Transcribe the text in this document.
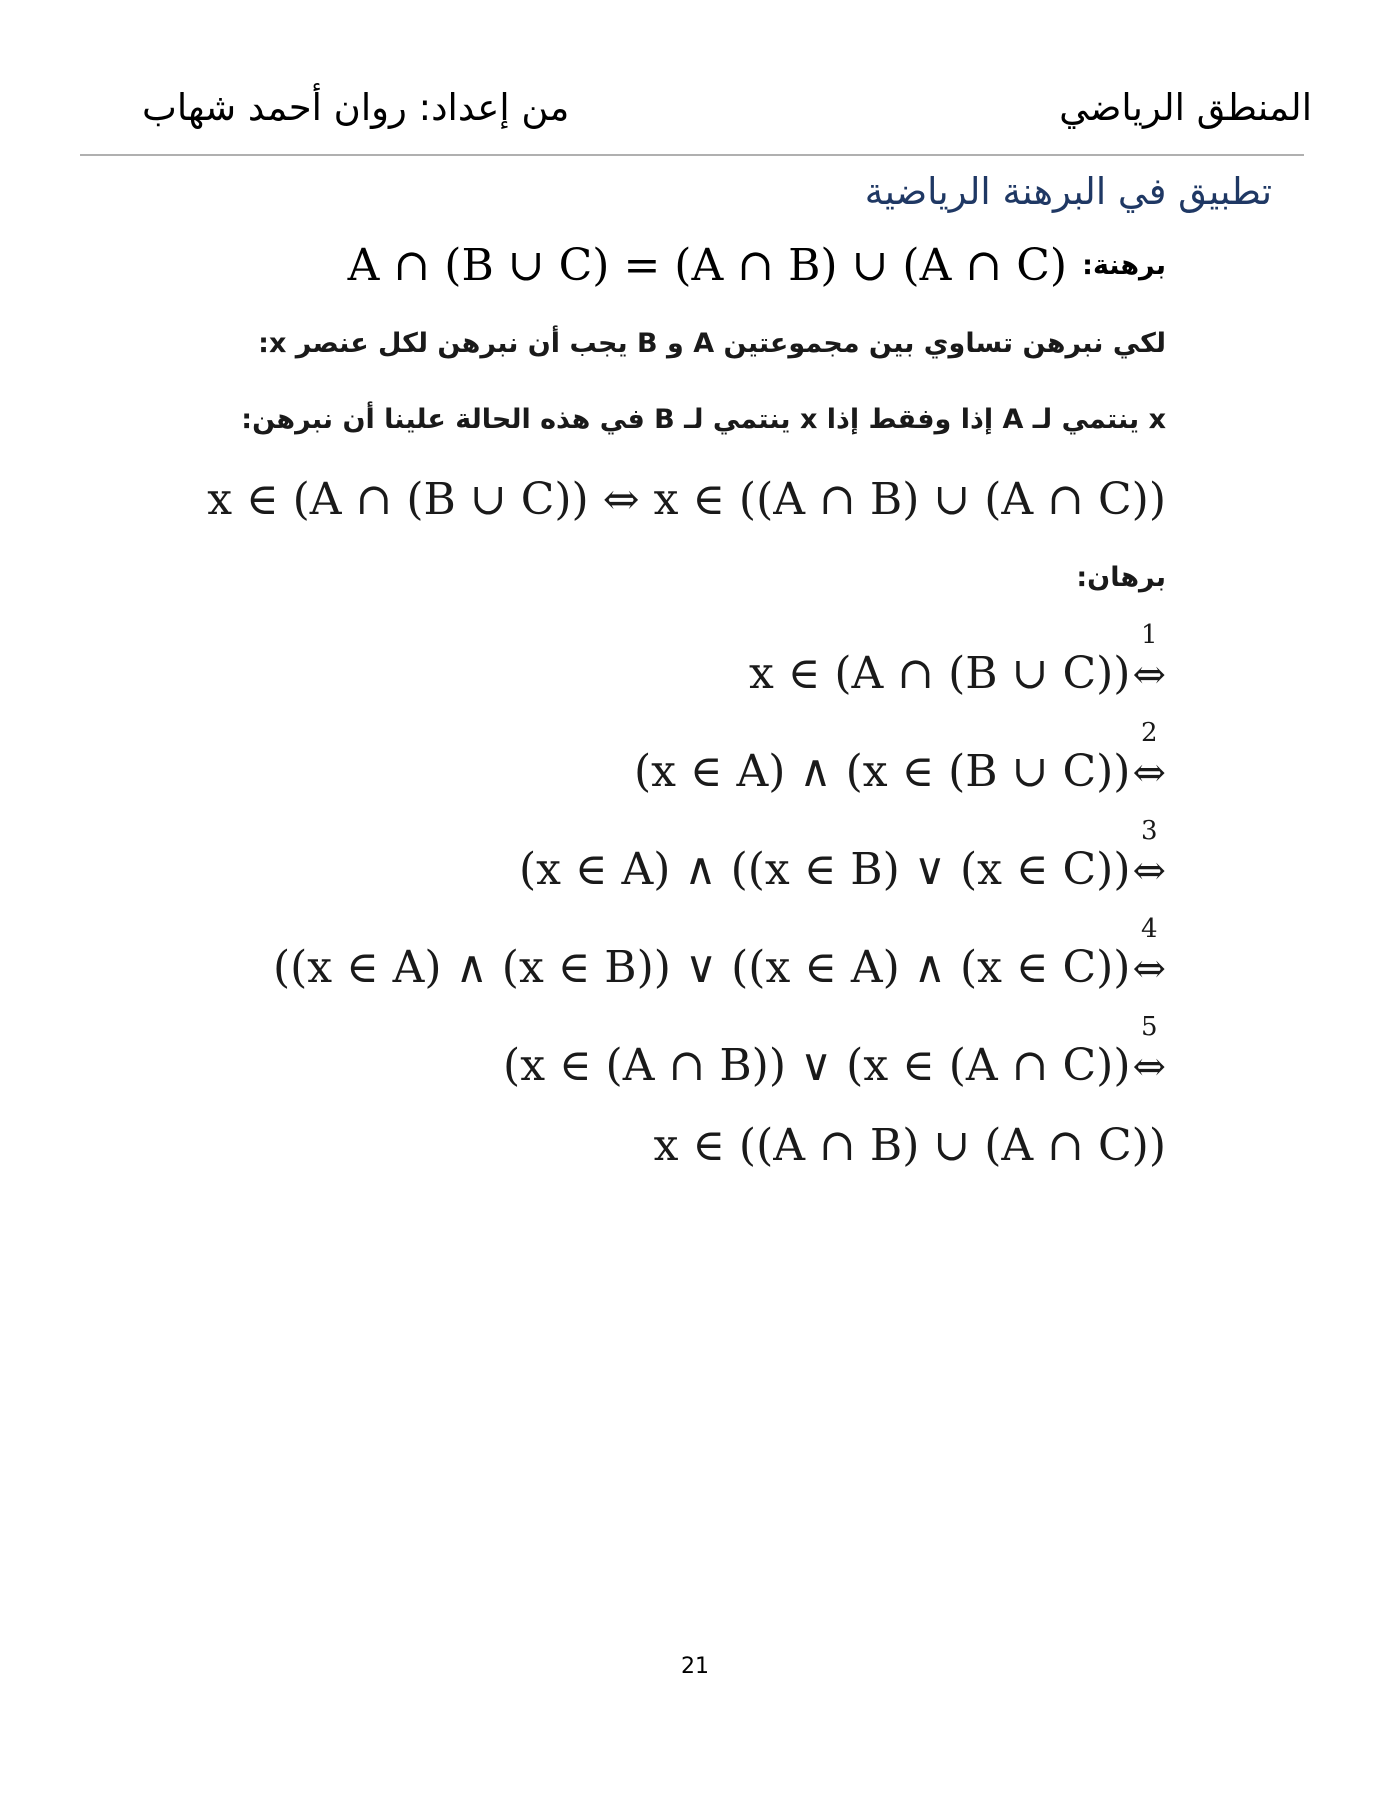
المنطق الرياضي
من إعداد: روان أحمد شهاب
تطبيق في البرهنة الرياضية
برهنة: A ∩ (B ∪ C) = (A ∩ B) ∪ (A ∩ C)
لكي نبرهن تساوي بين مجموعتين A و B يجب أن نبرهن لكل عنصر x:
x ينتمي لـ A إذا وفقط إذا x ينتمي لـ B في هذه الحالة علينا أن نبرهن:
x ∈ (A ∩ (B ∪ C)) ⇔ x ∈ ((A ∩ B) ∪ (A ∩ C))
برهان:
x ∈ (A ∩ (B ∪ C))⇔
1
(x ∈ A) ∧ (x ∈ (B ∪ C))⇔
2
(x ∈ A) ∧ ((x ∈ B) ∨ (x ∈ C))⇔
3
((x ∈ A) ∧ (x ∈ B)) ∨ ((x ∈ A) ∧ (x ∈ C))⇔
4
(x ∈ (A ∩ B)) ∨ (x ∈ (A ∩ C))⇔
5
x ∈ ((A ∩ B) ∪ (A ∩ C))
21
